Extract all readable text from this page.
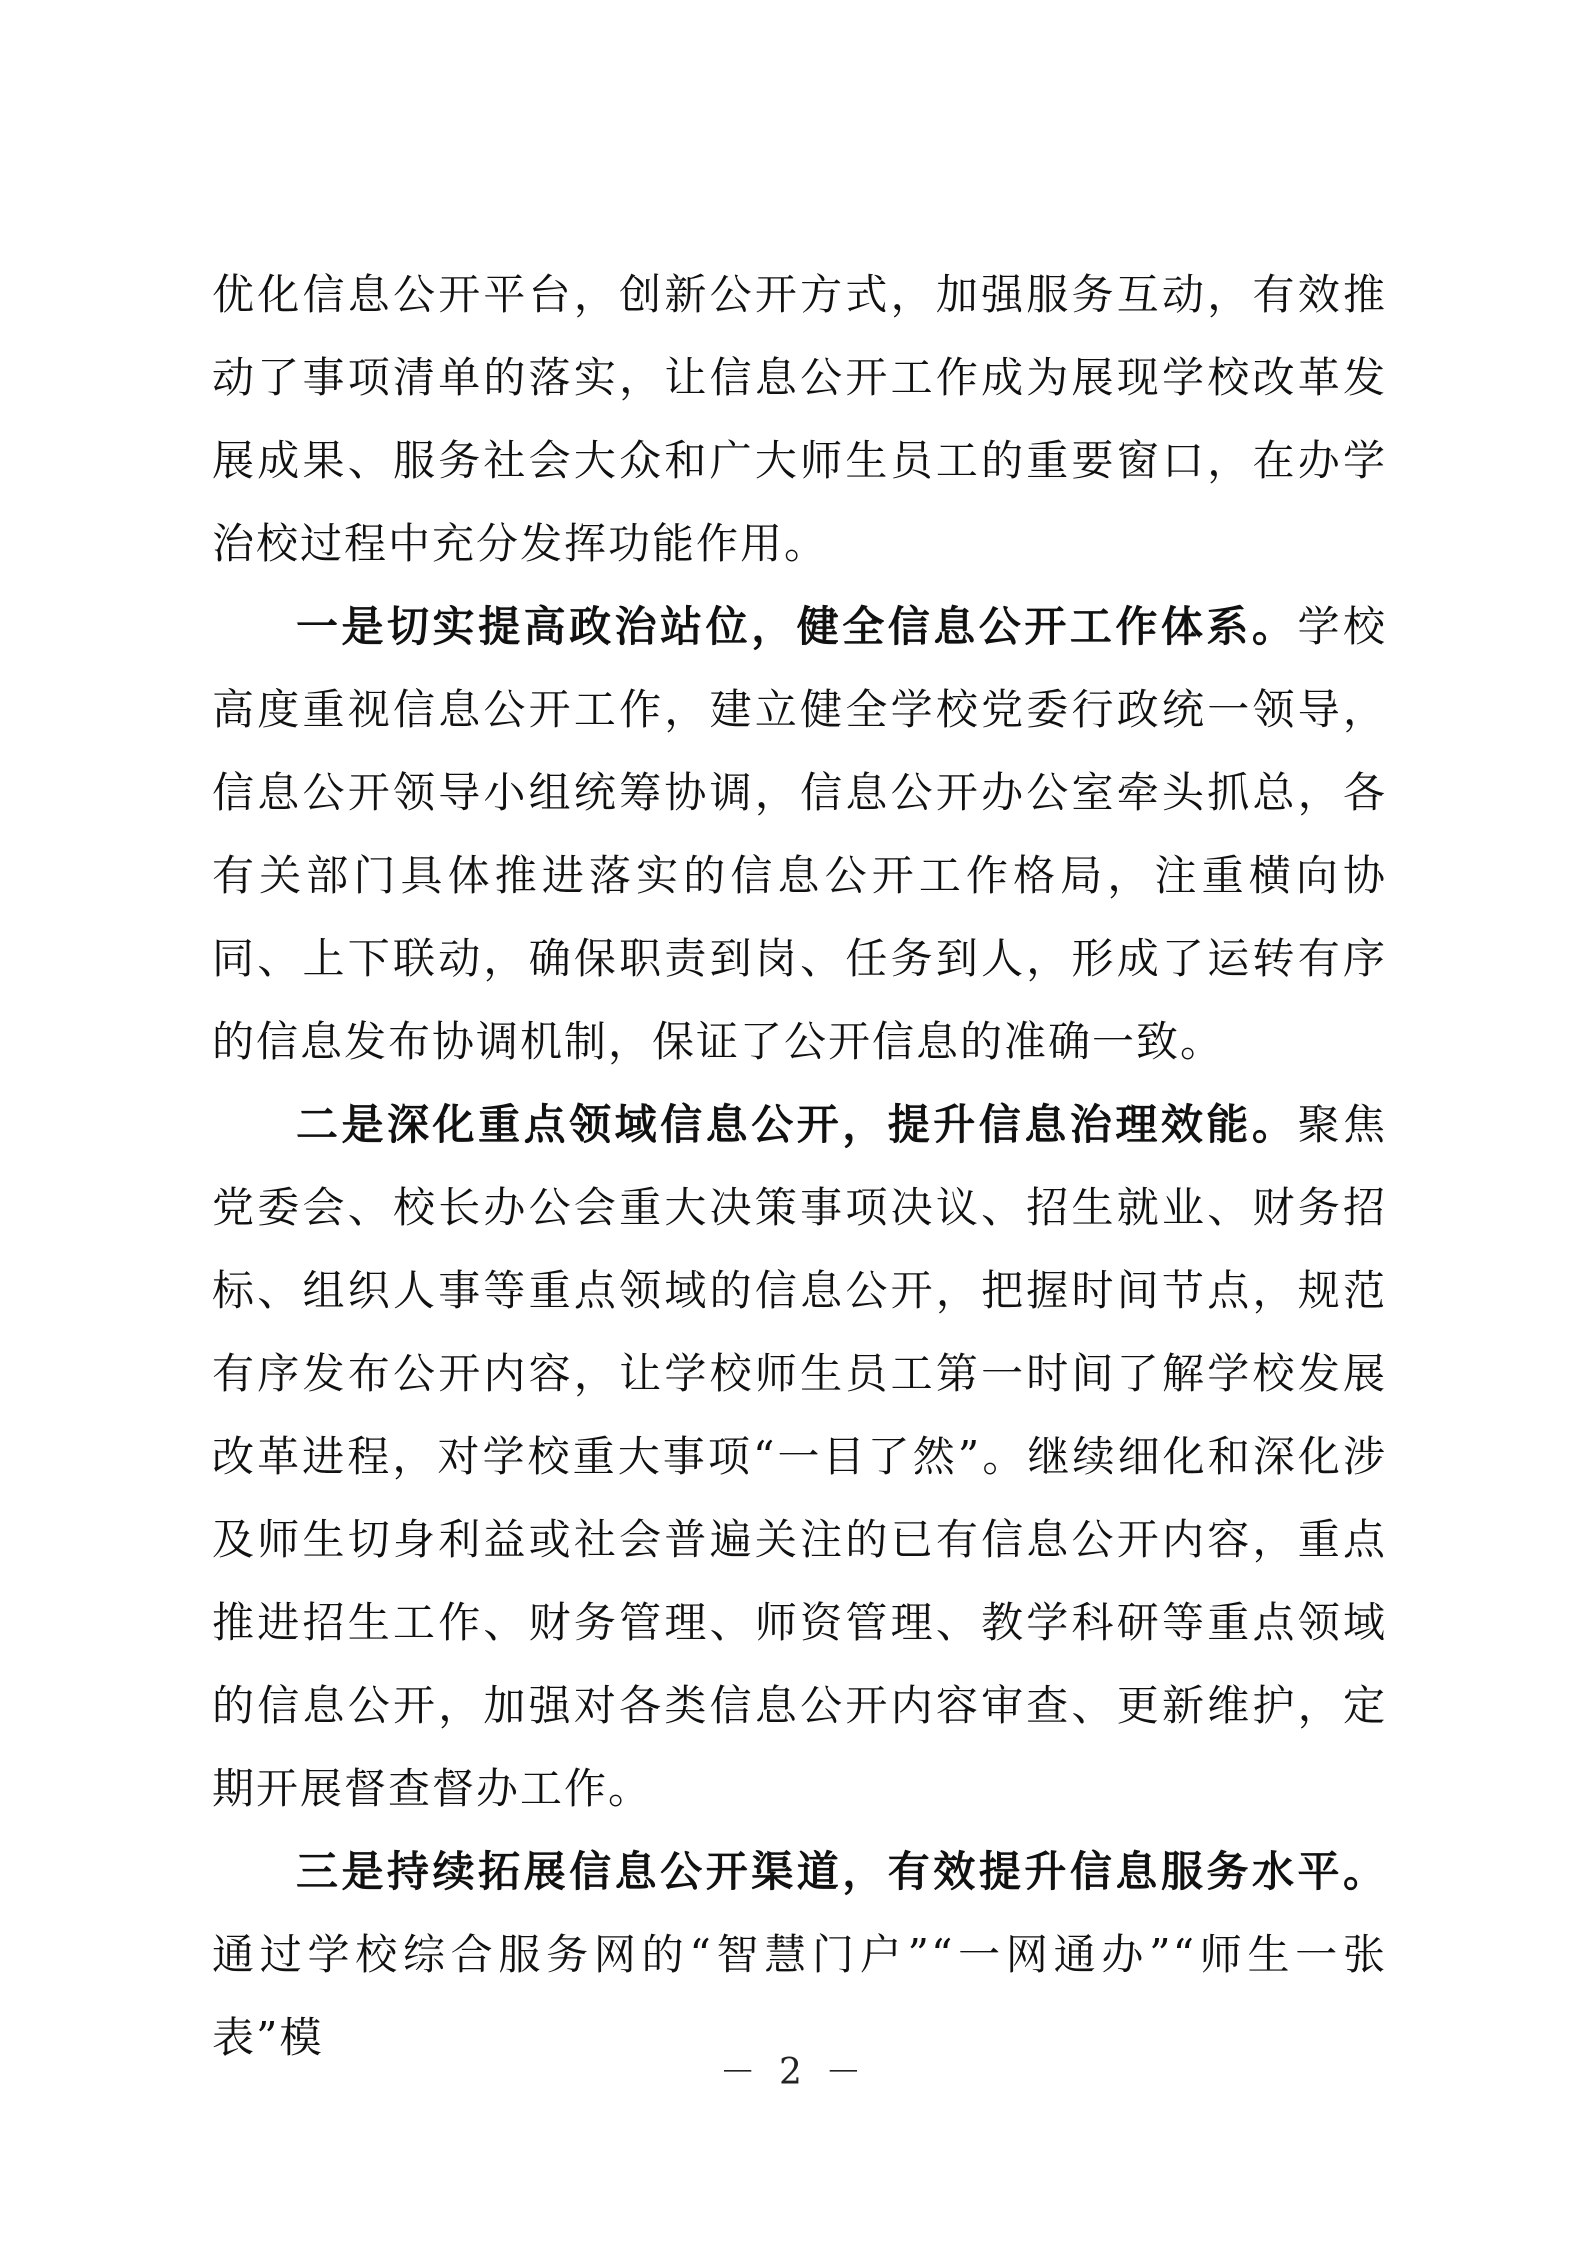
优化信息公开平台，创新公开方式，加强服务互动，有效推动了事项清单的落实，让信息公开工作成为展现学校改革发展成果、服务社会大众和广大师生员工的重要窗口，在办学治校过程中充分发挥功能作用。

一是切实提高政治站位，健全信息公开工作体系。学校高度重视信息公开工作，建立健全学校党委行政统一领导，信息公开领导小组统筹协调，信息公开办公室牵头抓总，各有关部门具体推进落实的信息公开工作格局，注重横向协同、上下联动，确保职责到岗、任务到人，形成了运转有序的信息发布协调机制，保证了公开信息的准确一致。

二是深化重点领域信息公开，提升信息治理效能。聚焦党委会、校长办公会重大决策事项决议、招生就业、财务招标、组织人事等重点领域的信息公开，把握时间节点，规范有序发布公开内容，让学校师生员工第一时间了解学校发展改革进程，对学校重大事项“一目了然”。继续细化和深化涉及师生切身利益或社会普遍关注的已有信息公开内容，重点推进招生工作、财务管理、师资管理、教学科研等重点领域的信息公开，加强对各类信息公开内容审查、更新维护，定期开展督查督办工作。

三是持续拓展信息公开渠道，有效提升信息服务水平。通过学校综合服务网的“智慧门户”“一网通办”“师生一张表”模

－ 2 －
